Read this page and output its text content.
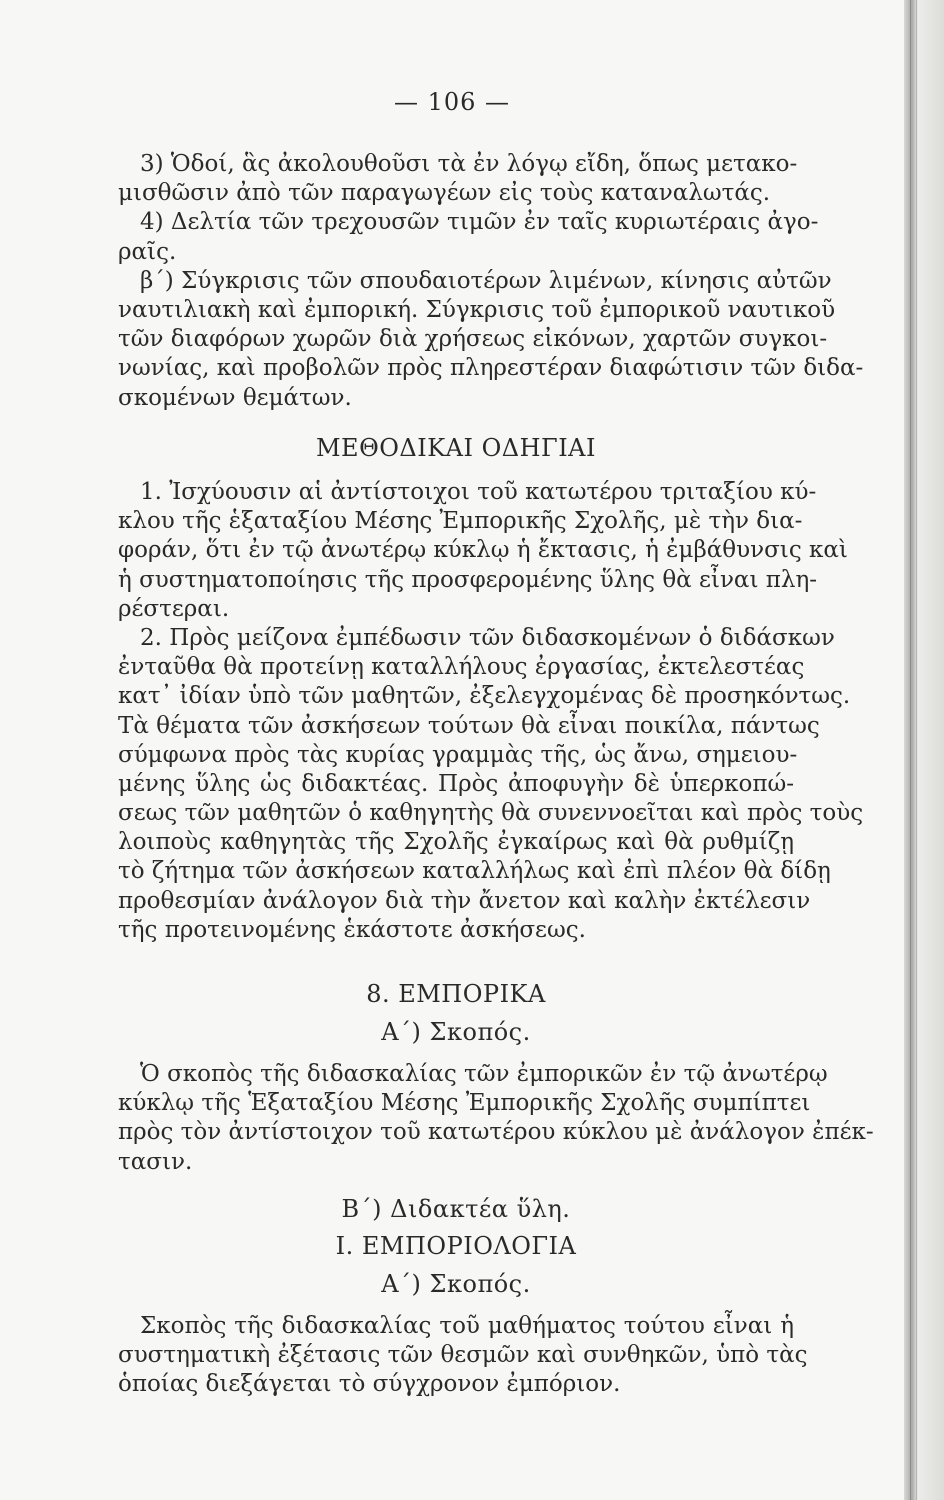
— 106 —
3) Ὁδοί, ἃς ἀκολουθοῦσι τὰ ἐν λόγῳ εἴδη, ὅπως μετακο-
μισθῶσιν ἀπὸ τῶν παραγωγέων εἰς τοὺς καταναλωτάς.
4) Δελτία τῶν τρεχουσῶν τιμῶν ἐν ταῖς κυριωτέραις ἀγο-
ραῖς.
β΄) Σύγκρισις τῶν σπουδαιοτέρων λιμένων, κίνησις αὐτῶν
ναυτιλιακὴ καὶ ἐμπορική. Σύγκρισις τοῦ ἐμπορικοῦ ναυτικοῦ
τῶν διαφόρων χωρῶν διὰ χρήσεως εἰκόνων, χαρτῶν συγκοι-
νωνίας, καὶ προβολῶν πρὸς πληρεστέραν διαφώτισιν τῶν διδα-
σκομένων θεμάτων.
ΜΕΘΟΔΙΚΑΙ ΟΔΗΓΙΑΙ
1. Ἰσχύουσιν αἱ ἀντίστοιχοι τοῦ κατωτέρου τριταξίου κύ-
κλου τῆς ἑξαταξίου Μέσης Ἐμπορικῆς Σχολῆς, μὲ τὴν δια-
φοράν, ὅτι ἐν τῷ ἀνωτέρῳ κύκλῳ ἡ ἔκτασις, ἡ ἐμβάθυνσις καὶ
ἡ συστηματοποίησις τῆς προσφερομένης ὕλης θὰ εἶναι πλη-
ρέστεραι.
2. Πρὸς μείζονα ἐμπέδωσιν τῶν διδασκομένων ὁ διδάσκων
ἐνταῦθα θὰ προτείνῃ καταλλήλους ἐργασίας, ἐκτελεστέας
κατ᾽ ἰδίαν ὑπὸ τῶν μαθητῶν, ἐξελεγχομένας δὲ προσηκόντως.
Τὰ θέματα τῶν ἀσκήσεων τούτων θὰ εἶναι ποικίλα, πάντως
σύμφωνα πρὸς τὰς κυρίας γραμμὰς τῆς, ὡς ἄνω, σημειου-
μένης ὕλης ὡς διδακτέας. Πρὸς ἀποφυγὴν δὲ ὑπερκοπώ-
σεως τῶν μαθητῶν ὁ καθηγητὴς θὰ συνεννοεῖται καὶ πρὸς τοὺς
λοιποὺς καθηγητὰς τῆς Σχολῆς ἐγκαίρως καὶ θὰ ρυθμίζῃ
τὸ ζήτημα τῶν ἀσκήσεων καταλλήλως καὶ ἐπὶ πλέον θὰ δίδῃ
προθεσμίαν ἀνάλογον διὰ τὴν ἄνετον καὶ καλὴν ἐκτέλεσιν
τῆς προτεινομένης ἑκάστοτε ἀσκήσεως.
8. ΕΜΠΟΡΙΚΑ
Α΄) Σκοπός.
Ὁ σκοπὸς τῆς διδασκαλίας τῶν ἐμπορικῶν ἐν τῷ ἀνωτέρῳ
κύκλῳ τῆς Ἑξαταξίου Μέσης Ἐμπορικῆς Σχολῆς συμπίπτει
πρὸς τὸν ἀντίστοιχον τοῦ κατωτέρου κύκλου μὲ ἀνάλογον ἐπέκ-
τασιν.
Β΄) Διδακτέα ὕλη.
Ι. ΕΜΠΟΡΙΟΛΟΓΙΑ
Α΄) Σκοπός.
Σκοπὸς τῆς διδασκαλίας τοῦ μαθήματος τούτου εἶναι ἡ
συστηματικὴ ἐξέτασις τῶν θεσμῶν καὶ συνθηκῶν, ὑπὸ τὰς
ὁποίας διεξάγεται τὸ σύγχρονον ἐμπόριον.
